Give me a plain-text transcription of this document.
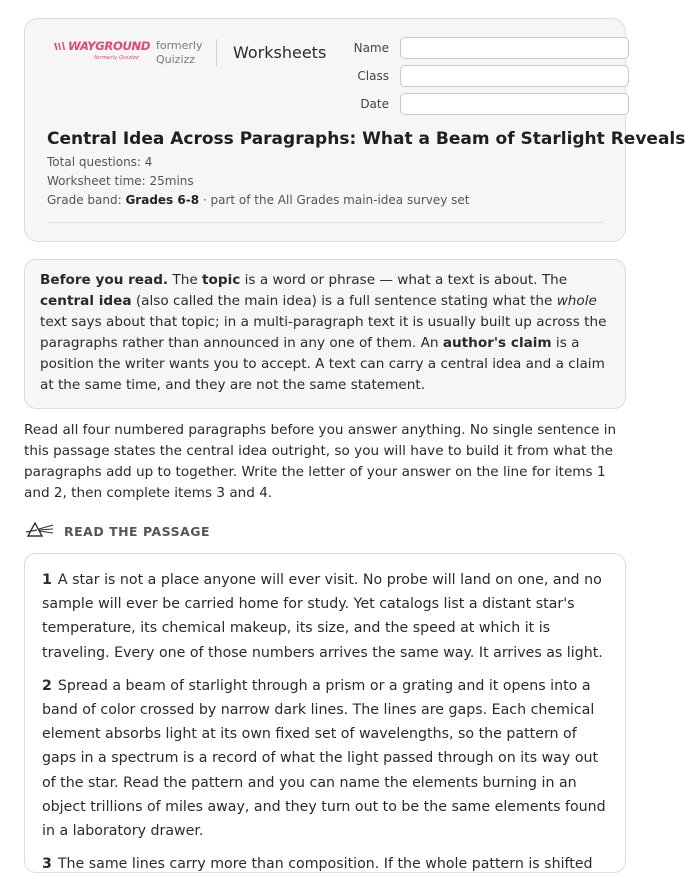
WAYGROUND
formerly Quizizz
formerly
Quizizz	Worksheets Name
Class
Date
Central Idea Across Paragraphs: What a Beam of Starlight Reveals
Total questions: 4
Worksheet time: 25mins
Grade band: Grades 6-8 · part of the All Grades main-idea survey set
Before you read. The topic is a word or phrase — what a text is about. The central idea (also called the main idea) is a full sentence stating what the whole text says about that topic; in a multi-paragraph text it is usually built up across the paragraphs rather than announced in any one of them. An author's claim is a position the writer wants you to accept. A text can carry a central idea and a claim at the same time, and they are not the same statement.
Read all four numbered paragraphs before you answer anything. No single sentence in this passage states the central idea outright, so you will have to build it from what the paragraphs add up to together. Write the letter of your answer on the line for items 1 and 2, then complete items 3 and 4.
READ THE PASSAGE
1 A star is not a place anyone will ever visit. No probe will land on one, and no sample will ever be carried home for study. Yet catalogs list a distant star's temperature, its chemical makeup, its size, and the speed at which it is traveling. Every one of those numbers arrives the same way. It arrives as light.
2 Spread a beam of starlight through a prism or a grating and it opens into a band of color crossed by narrow dark lines. The lines are gaps. Each chemical element absorbs light at its own fixed set of wavelengths, so the pattern of gaps in a spectrum is a record of what the light passed through on its way out of the star. Read the pattern and you can name the elements burning in an object trillions of miles away, and they turn out to be the same elements found in a laboratory drawer.
3 The same lines carry more than composition. If the whole pattern is shifted
